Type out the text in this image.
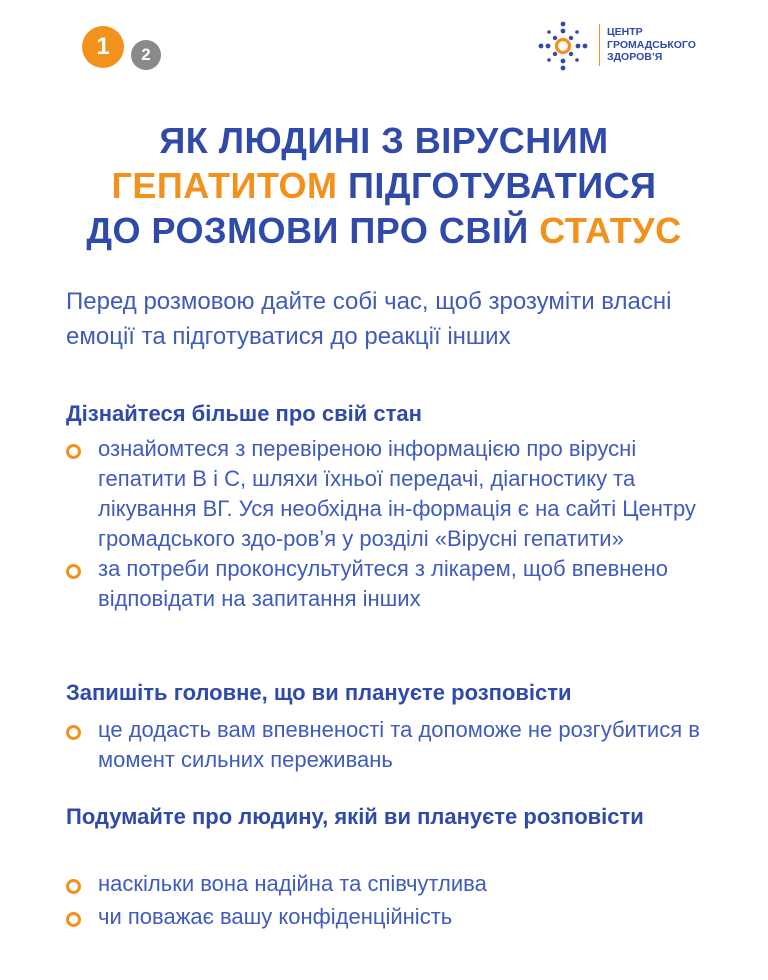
1	2
ЦЕНТР
ГРОМАДСЬКОГО
ЗДОРОВ’Я
ЯК ЛЮДИНІ З ВІРУСНИМ
ГЕПАТИТОМ ПІДГОТУВАТИСЯ
ДО РОЗМОВИ ПРО СВІЙ СТАТУС

Перед розмовою дайте собі час, щоб зрозуміти власні емоції та підготуватися до реакції інших

Дізнайтеся більше про свій стан
ознайомтеся з перевіреною інформацією про вірусні гепатити В і С, шляхи їхньої передачі, діагностику та лікування ВГ. Уся необхідна ін-формація є на сайті Центру громадського здо-ров’я у розділі «Вірусні гепатити»
за потреби проконсультуйтеся з лікарем, щоб впевнено відповідати на запитання інших
Запишіть головне, що ви плануєте розповісти
це додасть вам впевненості та допоможе не розгубитися в момент сильних переживань
Подумайте про людину, якій ви плануєте розповісти
наскільки вона надійна та співчутлива
чи поважає вашу конфіденційність
